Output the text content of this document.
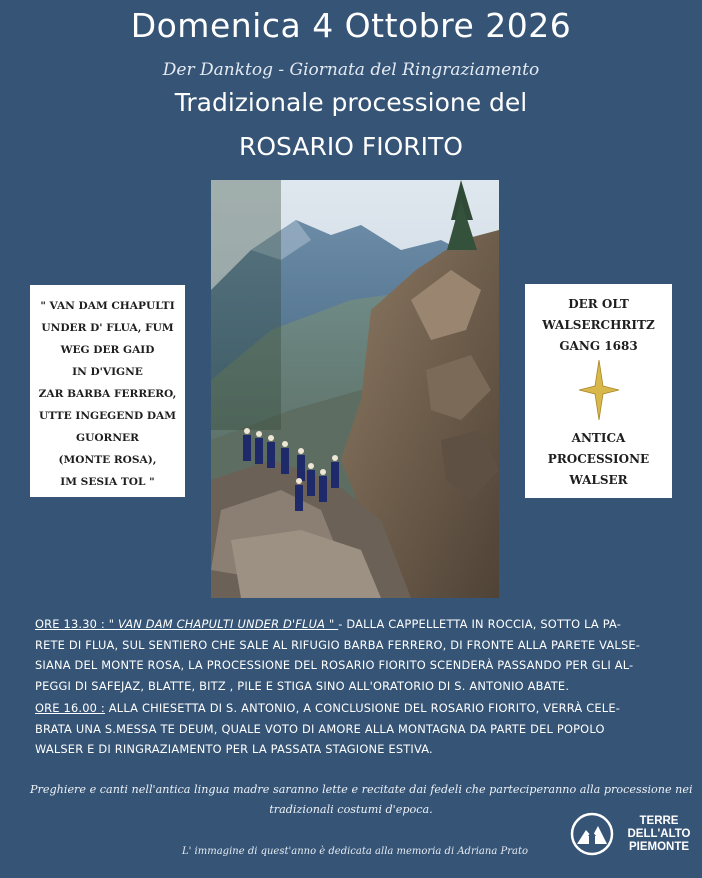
Domenica 4 Ottobre 2026
Der Danktog - Giornata del Ringraziamento
Tradizionale processione del
ROSARIO FIORITO
" VAN DAM CHAPULTI
UNDER D' FLUA, FUM
WEG DER GAID
IN D'VIGNE
ZAR BARBA FERRERO,
UTTE INGEGEND DAM
GUORNER
(MONTE ROSA),
IM SESIA TOL "
DER OLT
WALSERCHRITZ
GANG 1683
ANTICA
PROCESSIONE
WALSER
ORE 13.30 : " VAN DAM CHAPULTI UNDER D'FLUA " - DALLA CAPPELLETTA IN ROCCIA, SOTTO LA PA-
RETE DI FLUA, SUL SENTIERO CHE SALE AL RIFUGIO BARBA FERRERO, DI FRONTE ALLA PARETE VALSE-
SIANA DEL MONTE ROSA, LA PROCESSIONE DEL ROSARIO FIORITO SCENDERÀ PASSANDO PER GLI AL-
PEGGI DI SAFEJAZ, BLATTE, BITZ , PILE E STIGA SINO ALL'ORATORIO DI S. ANTONIO ABATE.
ORE 16.00 : ALLA CHIESETTA DI S. ANTONIO, A CONCLUSIONE DEL ROSARIO FIORITO, VERRÀ CELE-
BRATA UNA S.MESSA TE DEUM, QUALE VOTO DI AMORE ALLA MONTAGNA DA PARTE DEL POPOLO
WALSER E DI RINGRAZIAMENTO PER LA PASSATA STAGIONE ESTIVA.
Preghiere e canti nell'antica lingua madre saranno lette e recitate dai fedeli che parteciperanno alla processione nei
tradizionali costumi d'epoca.
L' immagine di quest'anno è dedicata alla memoria di Adriana Prato
TERRE
DELL'ALTO
PIEMONTE
